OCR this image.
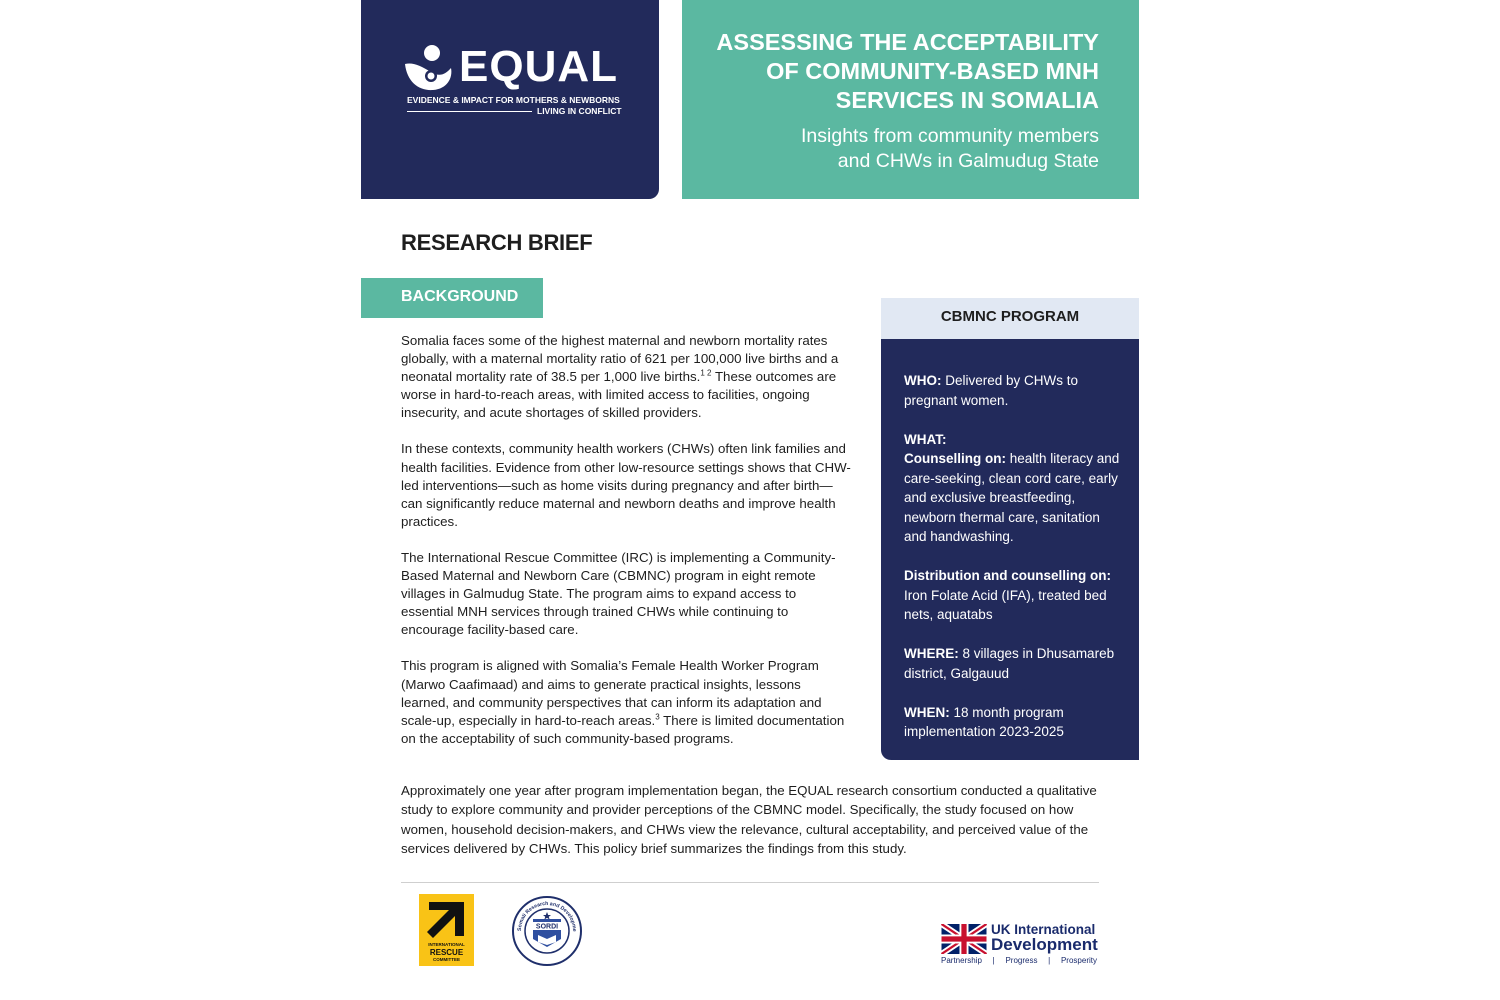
EQUAL
EVIDENCE & IMPACT FOR MOTHERS & NEWBORNS
LIVING IN CONFLICT
ASSESSING THE ACCEPTABILITY
OF COMMUNITY-BASED MNH
SERVICES IN SOMALIA
Insights from community members
and CHWs in Galmudug State
RESEARCH BRIEF
BACKGROUND

Somalia faces some of the highest maternal and newborn mortality rates globally, with a maternal mortality ratio of 621 per 100,000 live births and a neonatal mortality rate of 38.5 per 1,000 live births.$^{1 2}$ These outcomes are worse in hard-to-reach areas, with limited access to facilities, ongoing insecurity, and acute shortages of skilled providers.

In these contexts, community health workers (CHWs) often link families and health facilities. Evidence from other low-resource settings shows that CHW-led interventions—such as home visits during pregnancy and after birth—can significantly reduce maternal and newborn deaths and improve health practices.

The International Rescue Committee (IRC) is implementing a Community-Based Maternal and Newborn Care (CBMNC) program in eight remote villages in Galmudug State. The program aims to expand access to essential MNH services through trained CHWs while continuing to encourage facility-based care.

This program is aligned with Somalia’s Female Health Worker Program (Marwo Caafimaad) and aims to generate practical insights, lessons learned, and community perspectives that can inform its adaptation and scale-up, especially in hard-to-reach areas.$^3$ There is limited documentation on the acceptability of such community-based programs.

Approximately one year after program implementation began, the EQUAL research consortium conducted a qualitative study to explore community and provider perceptions of the CBMNC model. Specifically, the study focused on how women, household decision-makers, and CHWs view the relevance, cultural acceptability, and perceived value of the services delivered by CHWs. This policy brief summarizes the findings from this study.
CBMNC PROGRAM
WHO: Delivered by CHWs to pregnant women.
WHAT:
Counselling on: health literacy and care-seeking, clean cord care, early and exclusive breastfeeding, newborn thermal care, sanitation and handwashing.
Distribution and counselling on:
Iron Folate Acid (IFA), treated bed nets, aquatabs
WHERE: 8 villages in Dhusamareb district, Galgauud
WHEN: 18 month program implementation 2023-2025
INTERNATIONAL
RESCUE
COMMITTEE
Somali Research and Developme
SORDI	UK International
Development
Partnership | Progress | Prosperity
